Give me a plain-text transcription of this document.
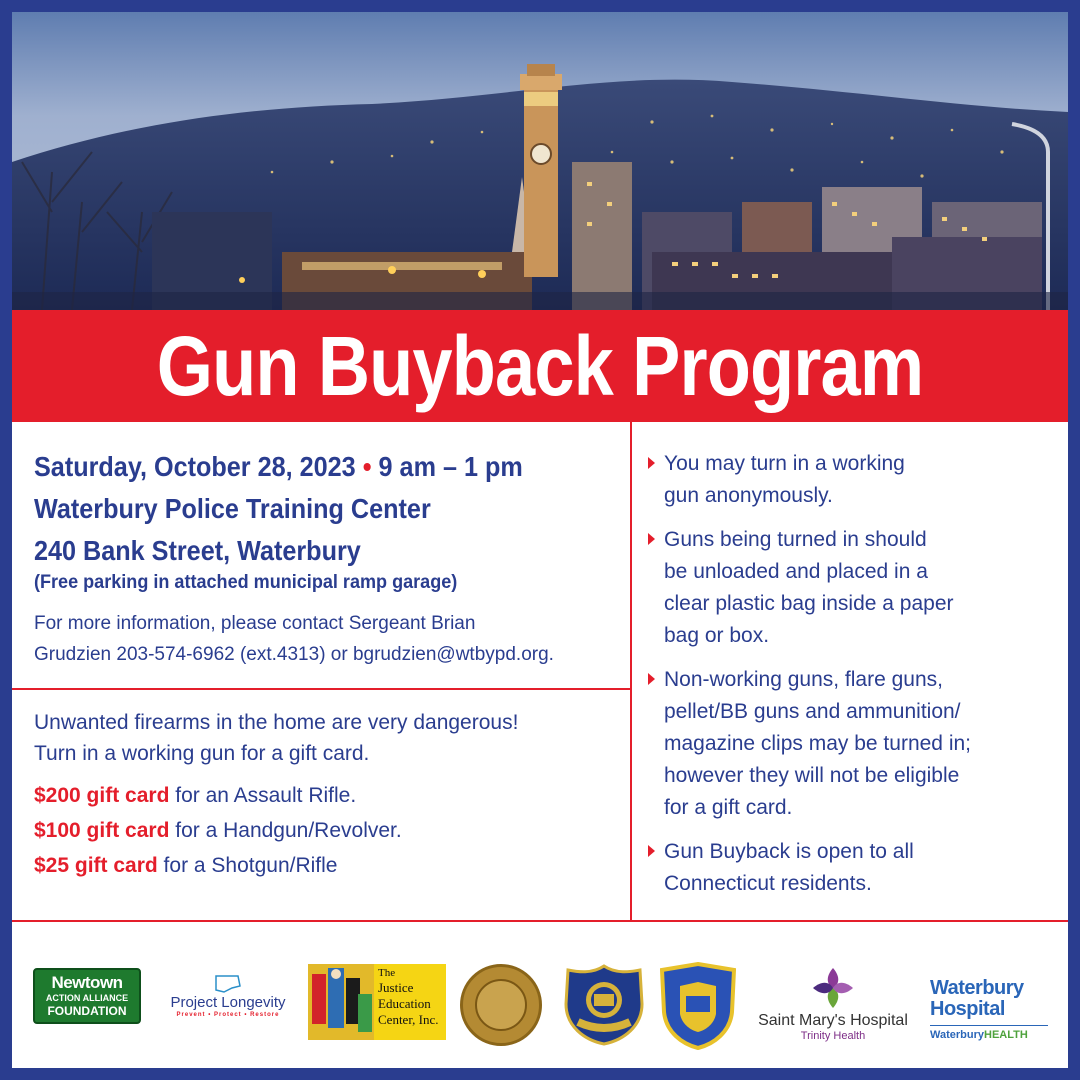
Gun Buyback Program
Saturday, October 28, 2023 • 9 am – 1 pm
Waterbury Police Training Center
240 Bank Street, Waterbury
(Free parking in attached municipal ramp garage)
For more information, please contact Sergeant Brian
Grudzien 203-574-6962 (ext.4313) or bgrudzien@wtbypd.org.
Unwanted firearms in the home are very dangerous!
Turn in a working gun for a gift card.
$200 gift card for an Assault Rifle.
$100 gift card for a Handgun/Revolver.
$25 gift card for a Shotgun/Rifle
You may turn in a working
gun anonymously.
Guns being turned in should
be unloaded and placed in a
clear plastic bag inside a paper
bag or box.
Non-working guns, flare guns,
pellet/BB guns and ammunition/
magazine clips may be turned in;
however they will not be eligible
for a gift card.
Gun Buyback is open to all
Connecticut residents.
Newtown
ACTION ALLIANCE
FOUNDATION	Project Longevity
Prevent • Protect • Restore
The
Justice
Education
Center, Inc.	Saint Mary's Hospital
Trinity Health
Waterbury
Hospital
WaterburyHEALTH
